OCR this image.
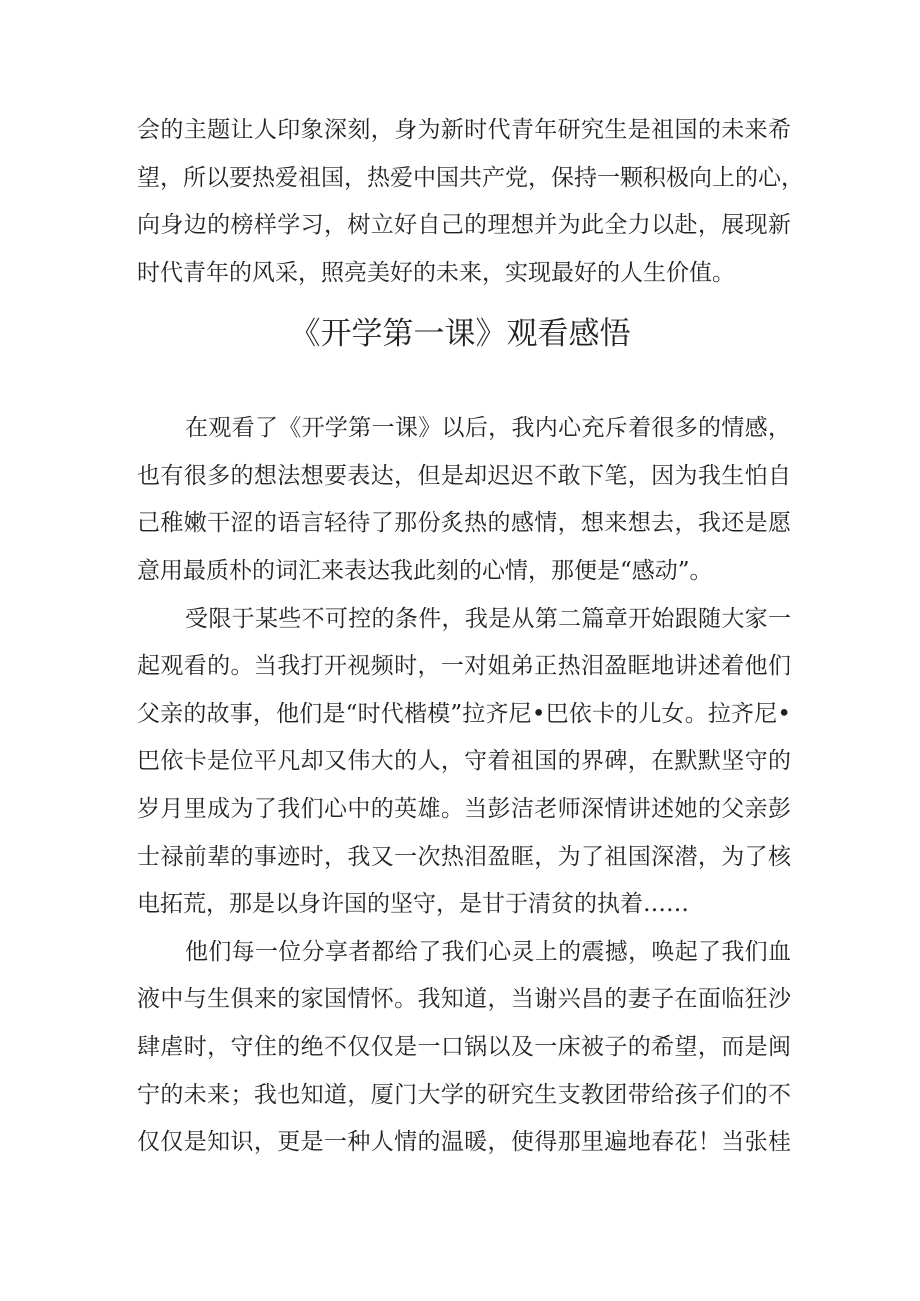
会的主题让人印象深刻，身为新时代青年研究生是祖国的未来希
望，所以要热爱祖国，热爱中国共产党，保持一颗积极向上的心，
向身边的榜样学习，树立好自己的理想并为此全力以赴，展现新
时代青年的风采，照亮美好的未来，实现最好的人生价值。
《开学第一课》观看感悟
在观看了《开学第一课》以后，我内心充斥着很多的情感，
也有很多的想法想要表达，但是却迟迟不敢下笔，因为我生怕自
己稚嫩干涩的语言轻待了那份炙热的感情，想来想去，我还是愿
意用最质朴的词汇来表达我此刻的心情，那便是“感动”。
受限于某些不可控的条件，我是从第二篇章开始跟随大家一
起观看的。当我打开视频时，一对姐弟正热泪盈眶地讲述着他们
父亲的故事，他们是“时代楷模”拉齐尼•巴依卡的儿女。拉齐尼•
巴依卡是位平凡却又伟大的人，守着祖国的界碑，在默默坚守的
岁月里成为了我们心中的英雄。当彭洁老师深情讲述她的父亲彭
士禄前辈的事迹时，我又一次热泪盈眶，为了祖国深潜，为了核
电拓荒，那是以身许国的坚守，是甘于清贫的执着……
他们每一位分享者都给了我们心灵上的震撼，唤起了我们血
液中与生俱来的家国情怀。我知道，当谢兴昌的妻子在面临狂沙
肆虐时，守住的绝不仅仅是一口锅以及一床被子的希望，而是闽
宁的未来；我也知道，厦门大学的研究生支教团带给孩子们的不
仅仅是知识，更是一种人情的温暖，使得那里遍地春花！当张桂
